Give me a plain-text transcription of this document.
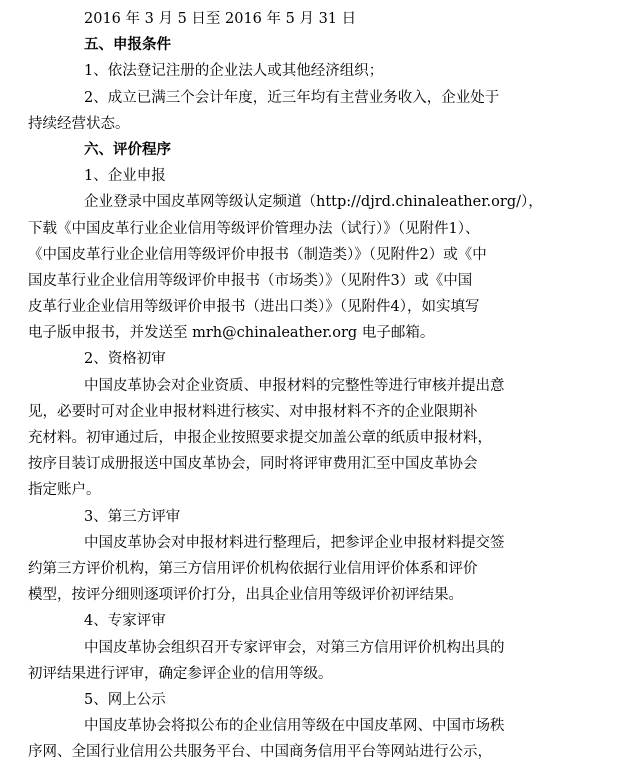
2016 年 3 月 5 日至 2016 年 5 月 31 日
五、申报条件
1、依法登记注册的企业法人或其他经济组织；
2、成立已满三个会计年度，近三年均有主营业务收入，企业处于
持续经营状态。
六、评价程序
1、企业申报
企业登录中国皮革网等级认定频道（http://djrd.chinaleather.org/），
下载《中国皮革行业企业信用等级评价管理办法（试行）》（见附件1）、
《中国皮革行业企业信用等级评价申报书（制造类）》（见附件2）或《中
国皮革行业企业信用等级评价申报书（市场类）》（见附件3）或《中国
皮革行业企业信用等级评价申报书（进出口类）》（见附件4），如实填写
电子版申报书，并发送至 mrh@chinaleather.org 电子邮箱。
2、资格初审
中国皮革协会对企业资质、申报材料的完整性等进行审核并提出意
见，必要时可对企业申报材料进行核实、对申报材料不齐的企业限期补
充材料。初审通过后，申报企业按照要求提交加盖公章的纸质申报材料，
按序目装订成册报送中国皮革协会，同时将评审费用汇至中国皮革协会
指定账户。
3、第三方评审
中国皮革协会对申报材料进行整理后，把参评企业申报材料提交签
约第三方评价机构，第三方信用评价机构依据行业信用评价体系和评价
模型，按评分细则逐项评价打分，出具企业信用等级评价初评结果。
4、专家评审
中国皮革协会组织召开专家评审会，对第三方信用评价机构出具的
初评结果进行评审，确定参评企业的信用等级。
5、网上公示
中国皮革协会将拟公布的企业信用等级在中国皮革网、中国市场秩
序网、全国行业信用公共服务平台、中国商务信用平台等网站进行公示，
